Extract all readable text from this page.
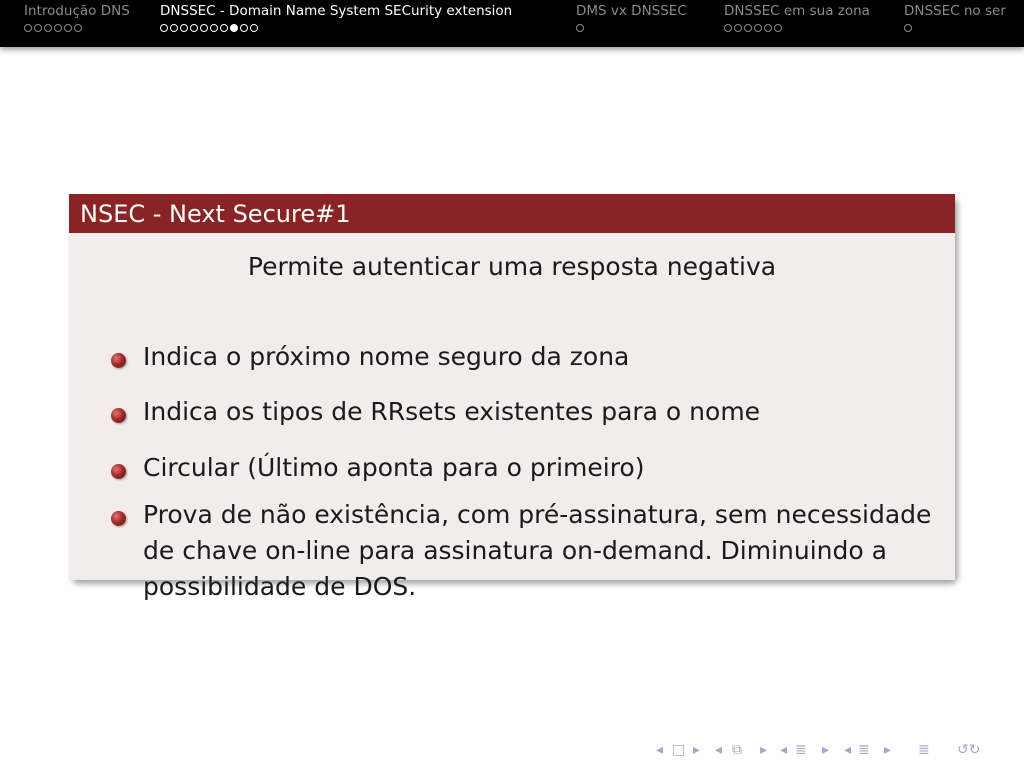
Introdução DNS DNSSEC - Domain Name System SECurity extension	DMS vx DNSSEC	DNSSEC em sua zona	DNSSEC no ser
NSEC - Next Secure#1
Permite autenticar uma resposta negativa
Indica o próximo nome seguro da zona
Indica os tipos de RRsets existentes para o nome
Circular (Último aponta para o primeiro)
Prova de não existência, com pré-assinatura, sem necessidade de chave on-line para assinatura on-demand. Diminuindo a possibilidade de DOS.
◂ □ ▸ ◂ ⧉ ▸ ◂ ≣ ▸ ◂ ≣ ▸ ≣ ↺↻
